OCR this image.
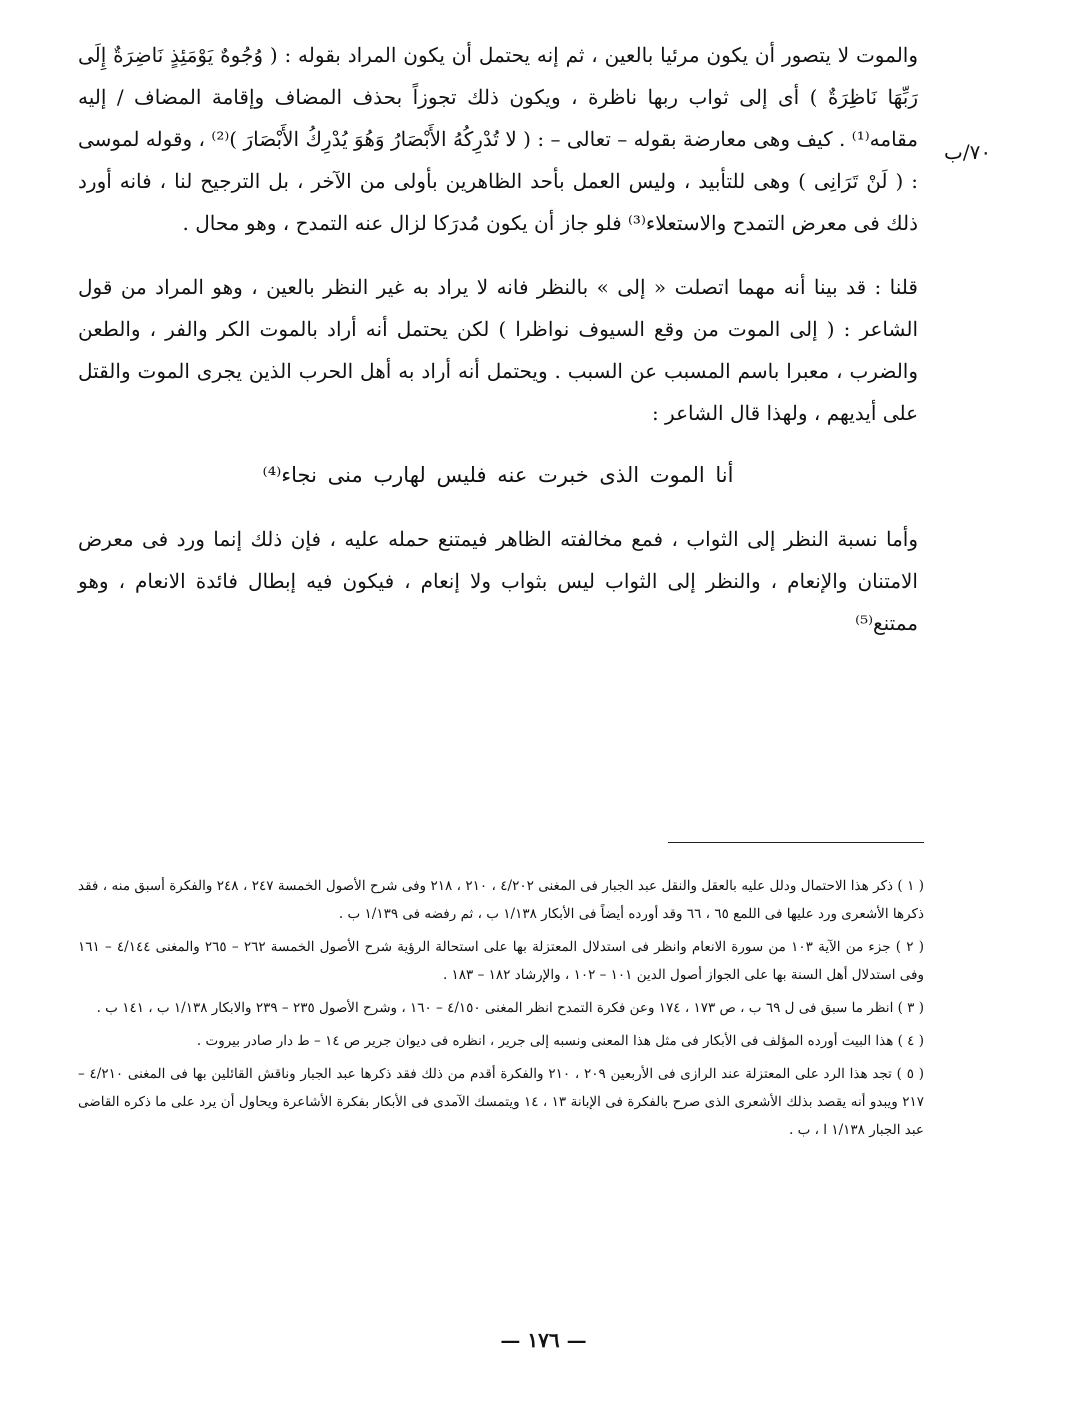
٧٠/ب

والموت لا يتصور أن يكون مرئيا بالعين ، ثم إنه يحتمل أن يكون المراد بقوله : ( وُجُوهٌ يَوْمَئِذٍ نَاضِرَةٌ إِلَى رَبِّهَا نَاظِرَةٌ ) أى إلى ثواب ربها ناظرة ، ويكون ذلك تجوزاً بحذف المضاف وإقامة المضاف / إليه مقامه⁽¹⁾ . كيف وهى معارضة بقوله – تعالى – : ( لا تُدْرِكُهُ الأَبْصَارُ وَهُوَ يُدْرِكُ الأَبْصَارَ )⁽²⁾ ، وقوله لموسى : ( لَنْ تَرَانِى ) وهى للتأبيد ، وليس العمل بأحد الظاهرين بأولى من الآخر ، بل الترجيح لنا ، فانه أورد ذلك فى معرض التمدح والاستعلاء⁽³⁾ فلو جاز أن يكون مُدرَكا لزال عنه التمدح ، وهو محال .

قلنا : قد بينا أنه مهما اتصلت « إلى » بالنظر فانه لا يراد به غير النظر بالعين ، وهو المراد من قول الشاعر : ( إلى الموت من وقع السيوف نواظرا ) لكن يحتمل أنه أراد بالموت الكر والفر ، والطعن والضرب ، معبرا باسم المسبب عن السبب . ويحتمل أنه أراد به أهل الحرب الذين يجرى الموت والقتل على أيديهم ، ولهذا قال الشاعر :

أنا الموت الذى خبرت عنه فليس لهارب منى نجاء⁽⁴⁾

وأما نسبة النظر إلى الثواب ، فمع مخالفته الظاهر فيمتنع حمله عليه ، فإن ذلك إنما ورد فى معرض الامتنان والإنعام ، والنظر إلى الثواب ليس بثواب ولا إنعام ، فيكون فيه إبطال فائدة الانعام ، وهو ممتنع⁽⁵⁾

( ١ ) ذكر هذا الاحتمال ودلل عليه بالعقل والنقل عبد الجبار فى المغنى ٤/٢٠٢ ، ٢١٠ ، ٢١٨ وفى شرح الأصول الخمسة ٢٤٧ ، ٢٤٨ والفكرة أسبق منه ، فقد ذكرها الأشعرى ورد عليها فى اللمع ٦٥ ، ٦٦ وقد أورده أيضاً فى الأبكار ١/١٣٨ ب ، ثم رفضه فى ١/١٣٩ ب .

( ٢ ) جزء من الآية ١٠٣ من سورة الانعام وانظر فى استدلال المعتزلة بها على استحالة الرؤية شرح الأصول الخمسة ٢٦٢ – ٢٦٥ والمغنى ٤/١٤٤ – ١٦١ وفى استدلال أهل السنة بها على الجواز أصول الدين ١٠١ – ١٠٢ ، والإرشاد ١٨٢ – ١٨٣ .

( ٣ ) انظر ما سبق فى ل ٦٩ ب ، ص ١٧٣ ، ١٧٤ وعن فكرة التمدح انظر المغنى ٤/١٥٠ – ١٦٠ ، وشرح الأصول ٢٣٥ – ٢٣٩ والابكار ١/١٣٨ ب ، ١٤١ ب .

( ٤ ) هذا البيت أورده المؤلف فى الأبكار فى مثل هذا المعنى ونسبه إلى جرير ، انظره فى ديوان جرير ص ١٤ – ط دار صادر بيروت .

( ٥ ) تجد هذا الرد على المعتزلة عند الرازى فى الأربعين ٢٠٩ ، ٢١٠ والفكرة أقدم من ذلك فقد ذكرها عبد الجبار وناقش القائلين بها فى المغنى ٤/٢١٠ – ٢١٧ ويبدو أنه يقصد بذلك الأشعرى الذى صرح بالفكرة فى الإبانة ١٣ ، ١٤ ويتمسك الآمدى فى الأبكار بفكرة الأشاعرة ويحاول أن يرد على ما ذكره القاضى عبد الجبار ١/١٣٨ ا ، ب .

— ١٧٦ —
